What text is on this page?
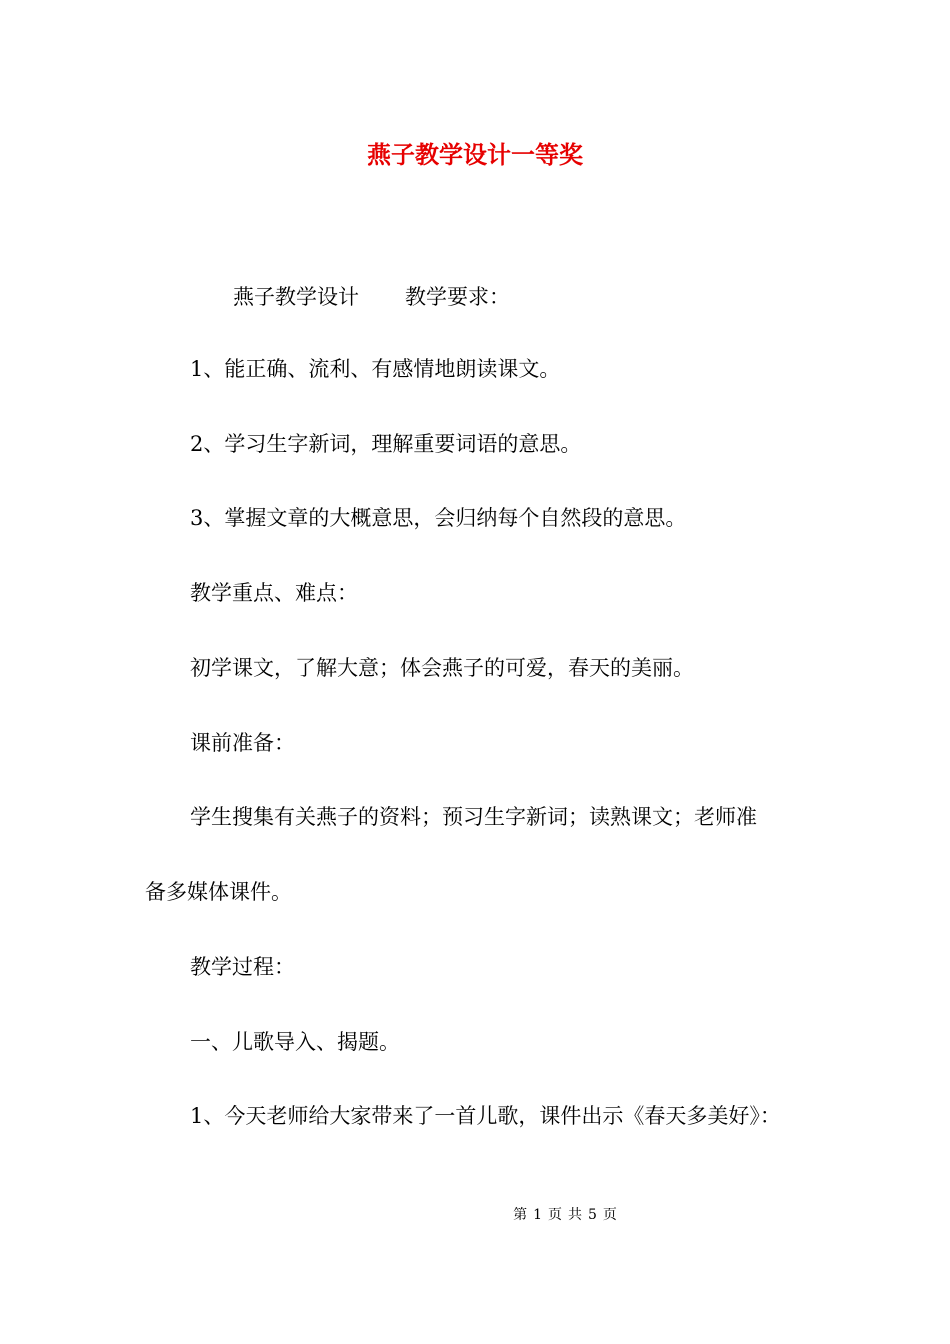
燕子教学设计一等奖

燕子教学设计 教学要求：

1、能正确、流利、有感情地朗读课文。

2、学习生字新词，理解重要词语的意思。

3、掌握文章的大概意思，会归纳每个自然段的意思。

教学重点、难点：

初学课文，了解大意；体会燕子的可爱，春天的美丽。

课前准备：

学生搜集有关燕子的资料；预习生字新词；读熟课文；老师准

备多媒体课件。

教学过程：

一、儿歌导入、揭题。

1、今天老师给大家带来了一首儿歌，课件出示《春天多美好》：

第 1 页 共 5 页
